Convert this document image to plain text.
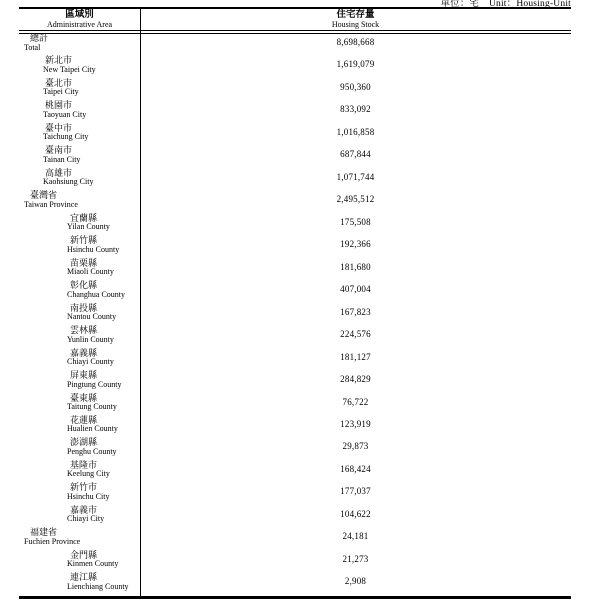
單位：宅　Unit：Housing-Unit
區域別
Administrative Area
住宅存量
Housing Stock
總計
Total	8,698,668
新北市
New Taipei City	1,619,079
臺北市
Taipei City	950,360
桃園市
Taoyuan City	833,092
臺中市
Taichung City	1,016,858
臺南市
Tainan City	687,844
高雄市
Kaohsiung City	1,071,744
臺灣省
Taiwan Province	2,495,512
宜蘭縣
Yilan County	175,508
新竹縣
Hsinchu County	192,366
苗栗縣
Miaoli County	181,680
彰化縣
Changhua County	407,004
南投縣
Nantou County	167,823
雲林縣
Yunlin County	224,576
嘉義縣
Chiayi County	181,127
屏東縣
Pingtung County	284,829
臺東縣
Taitung County	76,722
花蓮縣
Hualien County	123,919
澎湖縣
Penghu County	29,873
基隆市
Keelung City	168,424
新竹市
Hsinchu City	177,037
嘉義市
Chiayi City	104,622
福建省
Fuchien Province	24,181
金門縣
Kinmen County	21,273
連江縣
Lienchiang County	2,908
